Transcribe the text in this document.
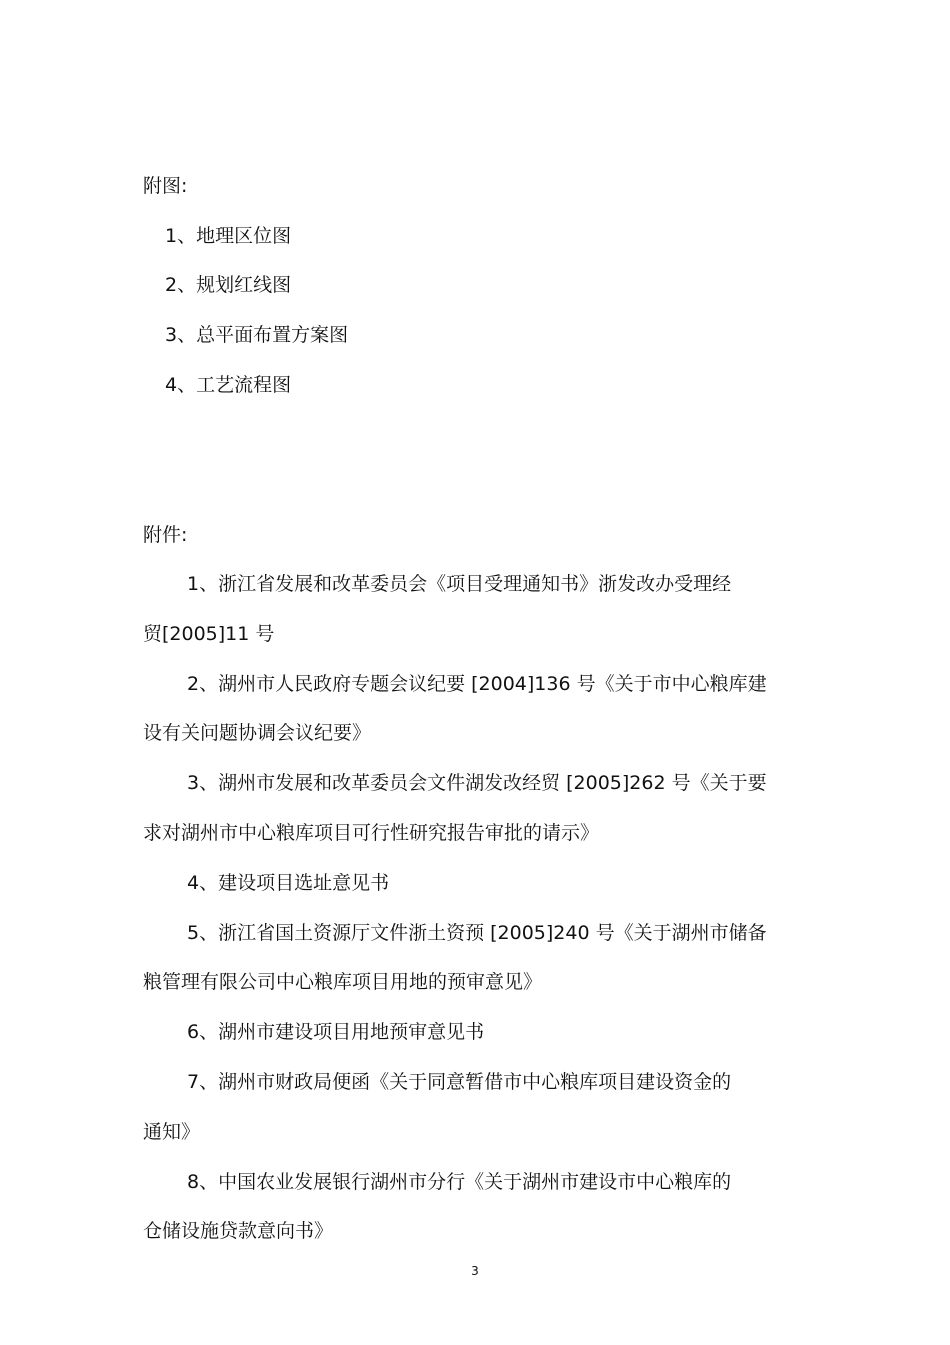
附图:
1、地理区位图
2、规划红线图
3、总平面布置方案图
4、工艺流程图
附件:
1、浙江省发展和改革委员会《项目受理通知书》浙发改办受理经
贸[2005]11 号
2、湖州市人民政府专题会议纪要 [2004]136 号《关于市中心粮库建
设有关问题协调会议纪要》
3、湖州市发展和改革委员会文件湖发改经贸 [2005]262 号《关于要
求对湖州市中心粮库项目可行性研究报告审批的请示》
4、建设项目选址意见书
5、浙江省国土资源厅文件浙土资预 [2005]240 号《关于湖州市储备
粮管理有限公司中心粮库项目用地的预审意见》
6、湖州市建设项目用地预审意见书
7、湖州市财政局便函《关于同意暂借市中心粮库项目建设资金的
通知》
8、中国农业发展银行湖州市分行《关于湖州市建设市中心粮库的
仓储设施贷款意向书》
3
